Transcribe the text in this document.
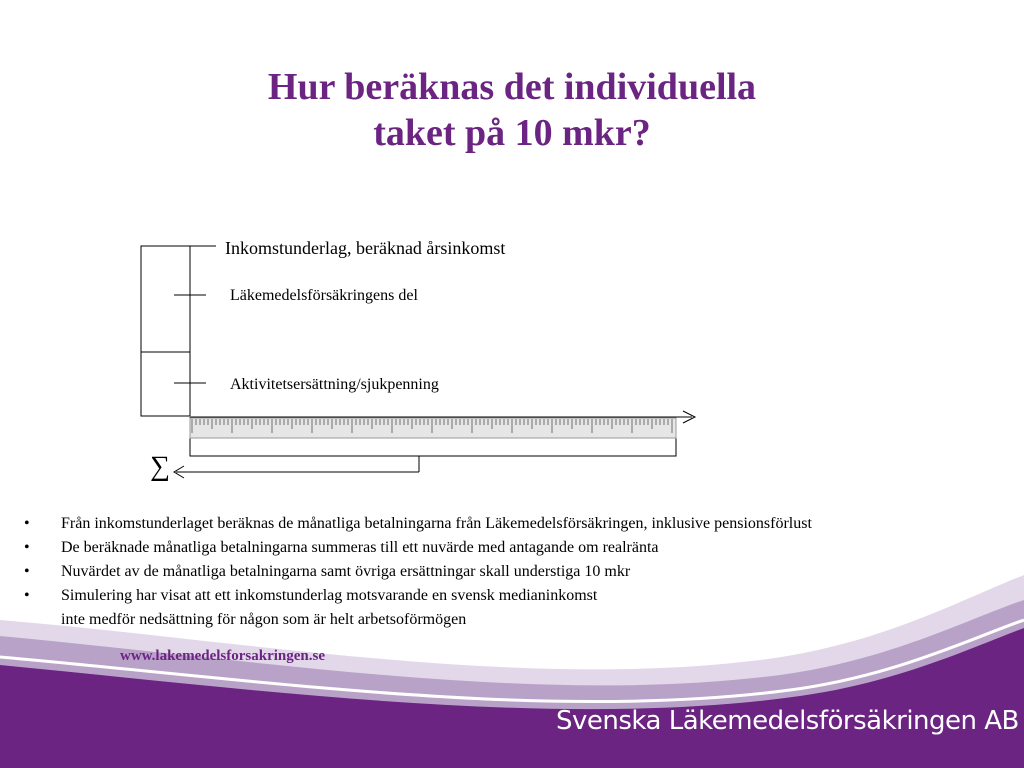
Hur beräknas det individuella
taket på 10 mkr?
Inkomstunderlag, beräknad årsinkomst
Läkemedelsförsäkringens del
Aktivitetsersättning/sjukpenning
∑
•	Från inkomstunderlaget beräknas de månatliga betalningarna från Läkemedelsförsäkringen, inklusive pensionsförlust
•	De beräknade månatliga betalningarna summeras till ett nuvärde med antagande om realränta
•	Nuvärdet av de månatliga betalningarna samt övriga ersättningar skall understiga 10 mkr
•	Simulering har visat att ett inkomstunderlag motsvarande en svensk medianinkomst
inte medför nedsättning för någon som är helt arbetsoförmögen
www.lakemedelsforsakringen.se
Svenska Läkemedelsförsäkringen AB
